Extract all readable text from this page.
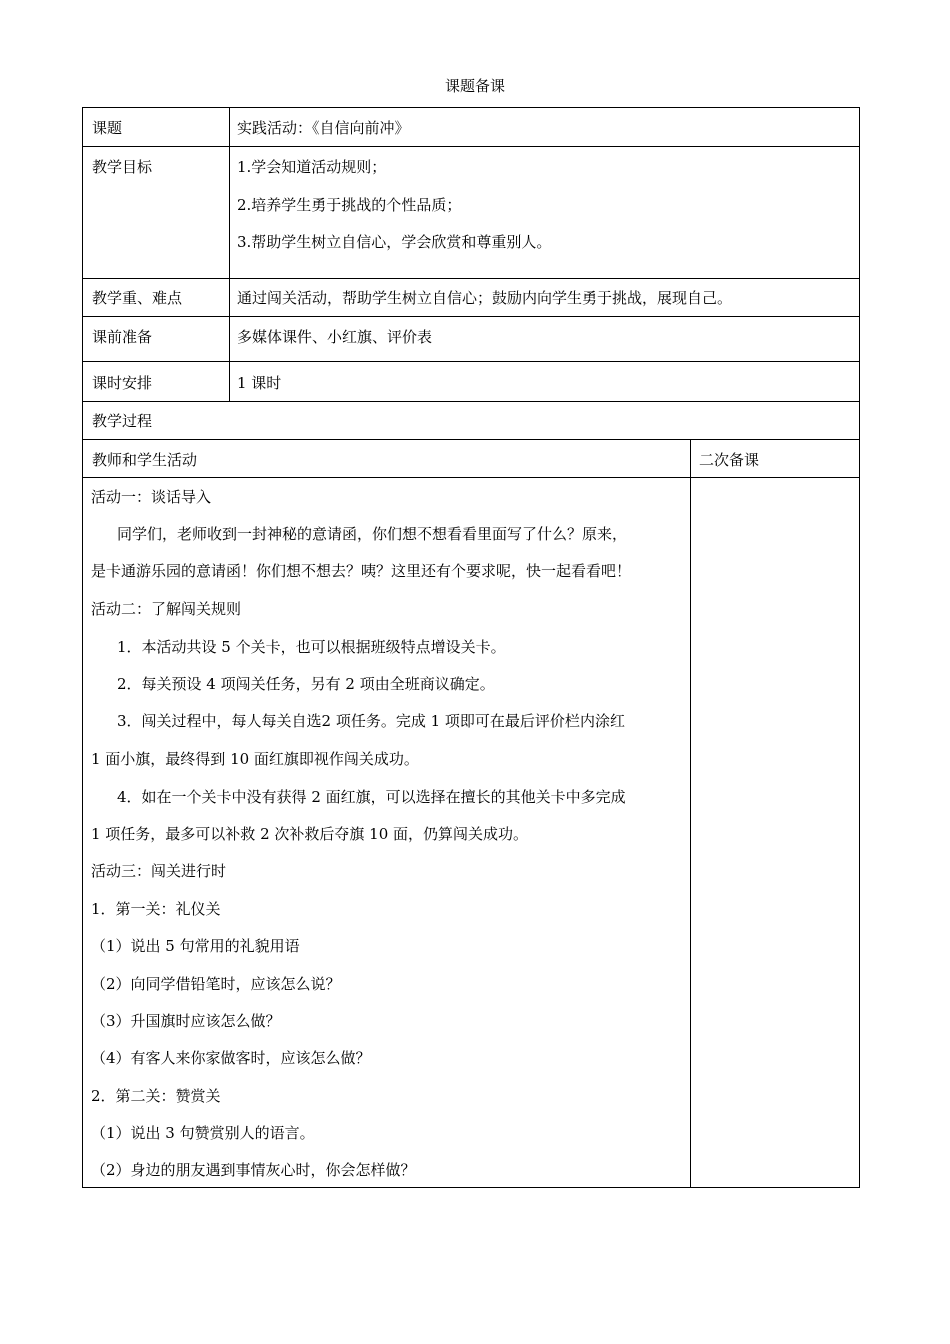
课题备课
课题	实践活动：《自信向前冲》
教学目标	1.学会知道活动规则；
2.培养学生勇于挑战的个性品质；
3.帮助学生树立自信心，学会欣赏和尊重别人。
教学重、难点	通过闯关活动，帮助学生树立自信心；鼓励内向学生勇于挑战，展现自己。
课前准备	多媒体课件、小红旗、评价表
课时安排	1 课时
教学过程
教师和学生活动	二次备课
活动一：谈话导入
同学们，老师收到一封神秘的意请函，你们想不想看看里面写了什么？原来，
是卡通游乐园的意请函！你们想不想去？咦？这里还有个要求呢，快一起看看吧！
活动二：了解闯关规则
1．本活动共设 5 个关卡，也可以根据班级特点增设关卡。
2．每关预设 4 项闯关任务，另有 2 项由全班商议确定。
3．闯关过程中，每人每关自选2 项任务。完成 1 项即可在最后评价栏内涂红
1 面小旗，最终得到 10 面红旗即视作闯关成功。
4．如在一个关卡中没有获得 2 面红旗，可以选择在擅长的其他关卡中多完成
1 项任务，最多可以补救 2 次补救后夺旗 10 面，仍算闯关成功。
活动三：闯关进行时
1．第一关：礼仪关
（1）说出 5 句常用的礼貌用语
（2）向同学借铅笔时，应该怎么说？
（3）升国旗时应该怎么做？
（4）有客人来你家做客时，应该怎么做？
2．第二关：赞赏关
（1）说出 3 句赞赏别人的语言。
（2）身边的朋友遇到事情灰心时，你会怎样做？
